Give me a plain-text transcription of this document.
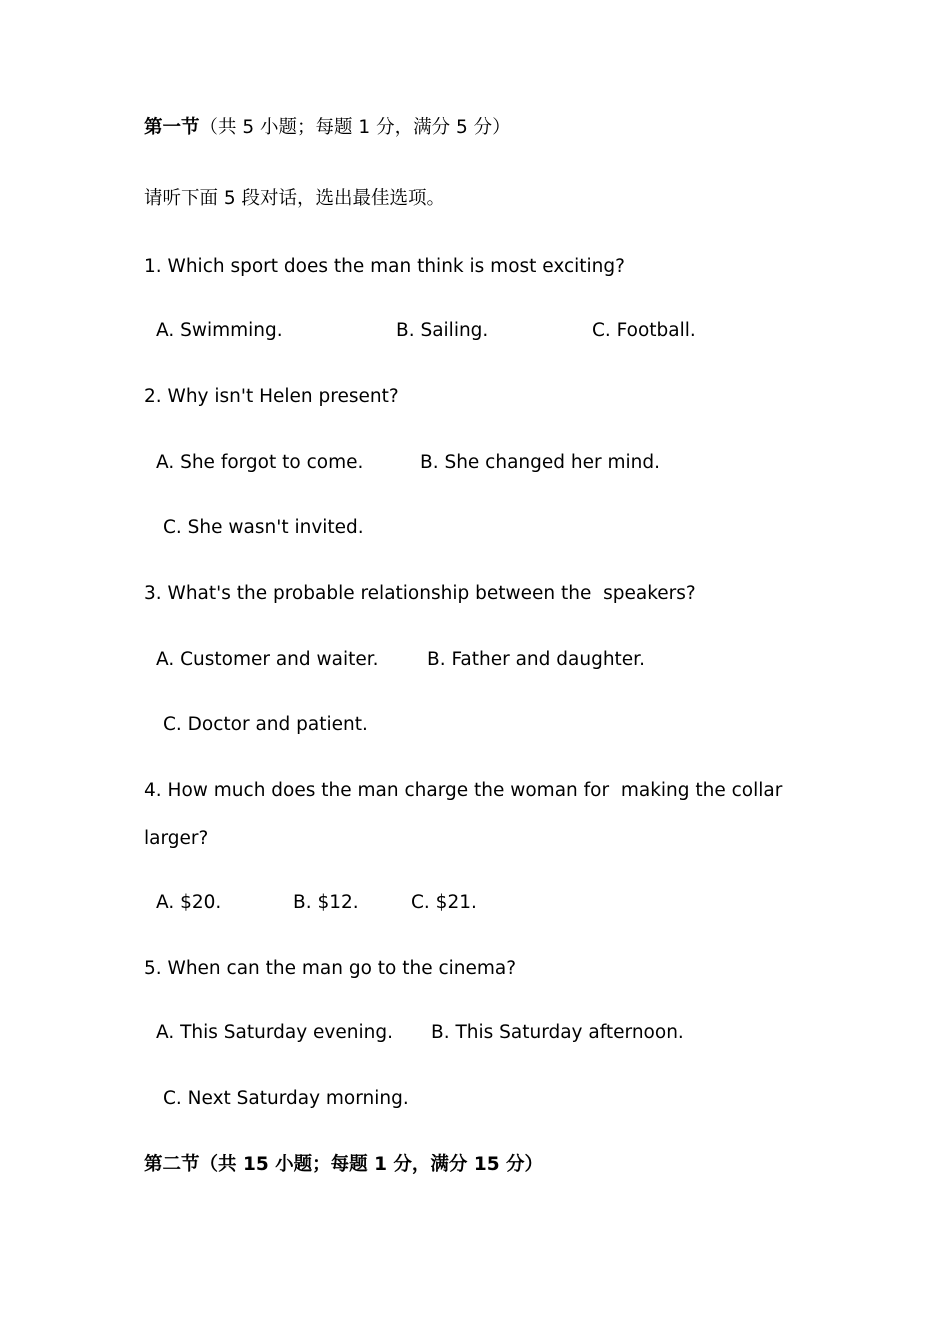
第一节（共 5 小题；每题 1 分，满分 5 分）
请听下面 5 段对话，选出最佳选项。
1. Which sport does the man think is most exciting?
A. Swimming.	B. Sailing.	C. Football.
2. Why isn't Helen present?
A. She forgot to come.	B. She changed her mind.
C. She wasn't invited.
3. What's the probable relationship between the  speakers?
A. Customer and waiter.	B. Father and daughter.
C. Doctor and patient.
4. How much does the man charge the woman for  making the collar
larger?
A. $20.	B. $12.	C. $21.
5. When can the man go to the cinema?
A. This Saturday evening. B. This Saturday afternoon.
C. Next Saturday morning.
第二节（共 15 小题；每题 1 分，满分 15 分）
